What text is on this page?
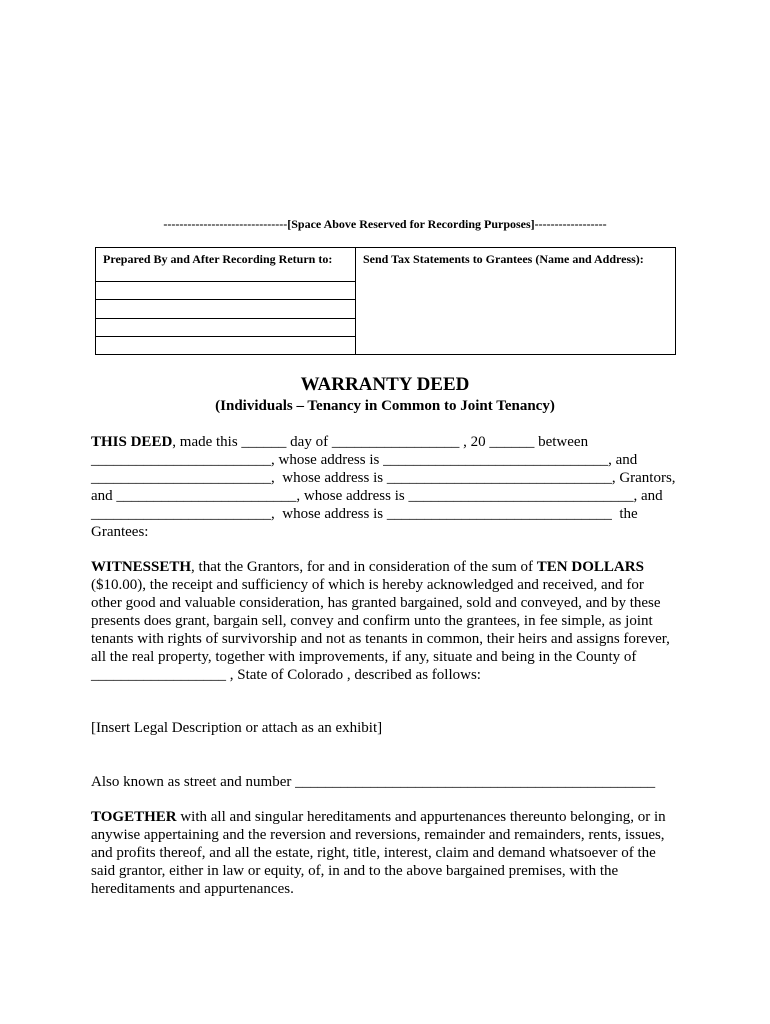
-------------------------------[Space Above Reserved for Recording Purposes]------------------
Prepared By and After Recording Return to:	Send Tax Statements to Grantees (Name and Address):
WARRANTY DEED
(Individuals – Tenancy in Common to Joint Tenancy)
THIS DEED, made this ______ day of _________________ , 20 ______ between
________________________, whose address is ______________________________, and
________________________,  whose address is ______________________________, Grantors,
and ________________________, whose address is ______________________________, and
________________________,  whose address is ______________________________  the
Grantees:
WITNESSETH, that the Grantors, for and in consideration of the sum of TEN DOLLARS
($10.00), the receipt and sufficiency of which is hereby acknowledged and received, and for
other good and valuable consideration, has granted bargained, sold and conveyed, and by these
presents does grant, bargain sell, convey and confirm unto the grantees, in fee simple, as joint
tenants with rights of survivorship and not as tenants in common, their heirs and assigns forever,
all the real property, together with improvements, if any, situate and being in the County of
__________________ , State of Colorado , described as follows:
[Insert Legal Description or attach as an exhibit]
Also known as street and number ________________________________________________
TOGETHER with all and singular hereditaments and appurtenances thereunto belonging, or in
anywise appertaining and the reversion and reversions, remainder and remainders, rents, issues,
and profits thereof, and all the estate, right, title, interest, claim and demand whatsoever of the
said grantor, either in law or equity, of, in and to the above bargained premises, with the
hereditaments and appurtenances.
